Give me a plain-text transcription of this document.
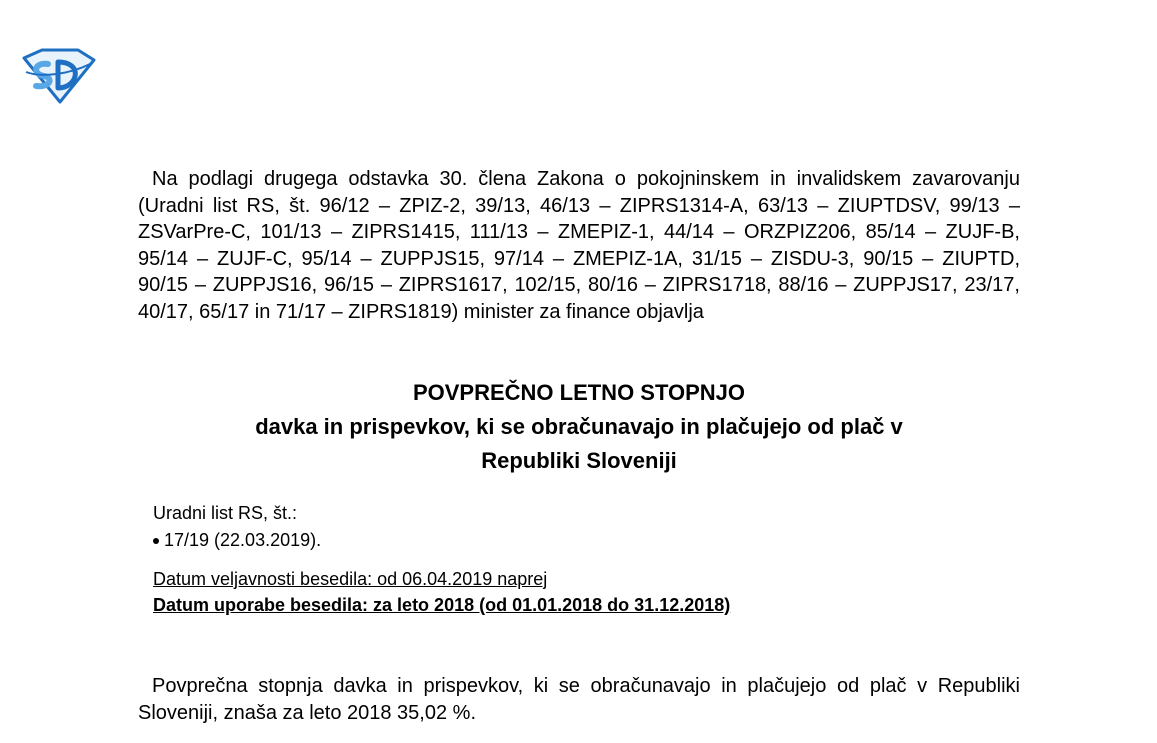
Na podlagi drugega odstavka 30. člena Zakona o pokojninskem in invalidskem zavarovanju (Uradni list RS, št. 96/12 – ZPIZ-2, 39/13, 46/13 – ZIPRS1314-A, 63/13 – ZIUPTDSV, 99/13 – ZSVarPre-C, 101/13 – ZIPRS1415, 111/13 – ZMEPIZ-1, 44/14 – ORZPIZ206, 85/14 – ZUJF-B, 95/14 – ZUJF-C, 95/14 – ZUPPJS15, 97/14 – ZMEPIZ-1A, 31/15 – ZISDU-3, 90/15 – ZIUPTD, 90/15 – ZUPPJS16, 96/15 – ZIPRS1617, 102/15, 80/16 – ZIPRS1718, 88/16 – ZUPPJS17, 23/17, 40/17, 65/17 in 71/17 – ZIPRS1819) minister za finance objavlja

POVPREČNO LETNO STOPNJO
davka in prispevkov, ki se obračunavajo in plačujejo od plač v
Republiki Sloveniji

Uradni list RS, št.:

17/19 (22.03.2019).

Datum veljavnosti besedila: od 06.04.2019 naprej

Datum uporabe besedila: za leto 2018 (od 01.01.2018 do 31.12.2018)

Povprečna stopnja davka in prispevkov, ki se obračunavajo in plačujejo od plač v Republiki Sloveniji, znaša za leto 2018 35,02 %.
